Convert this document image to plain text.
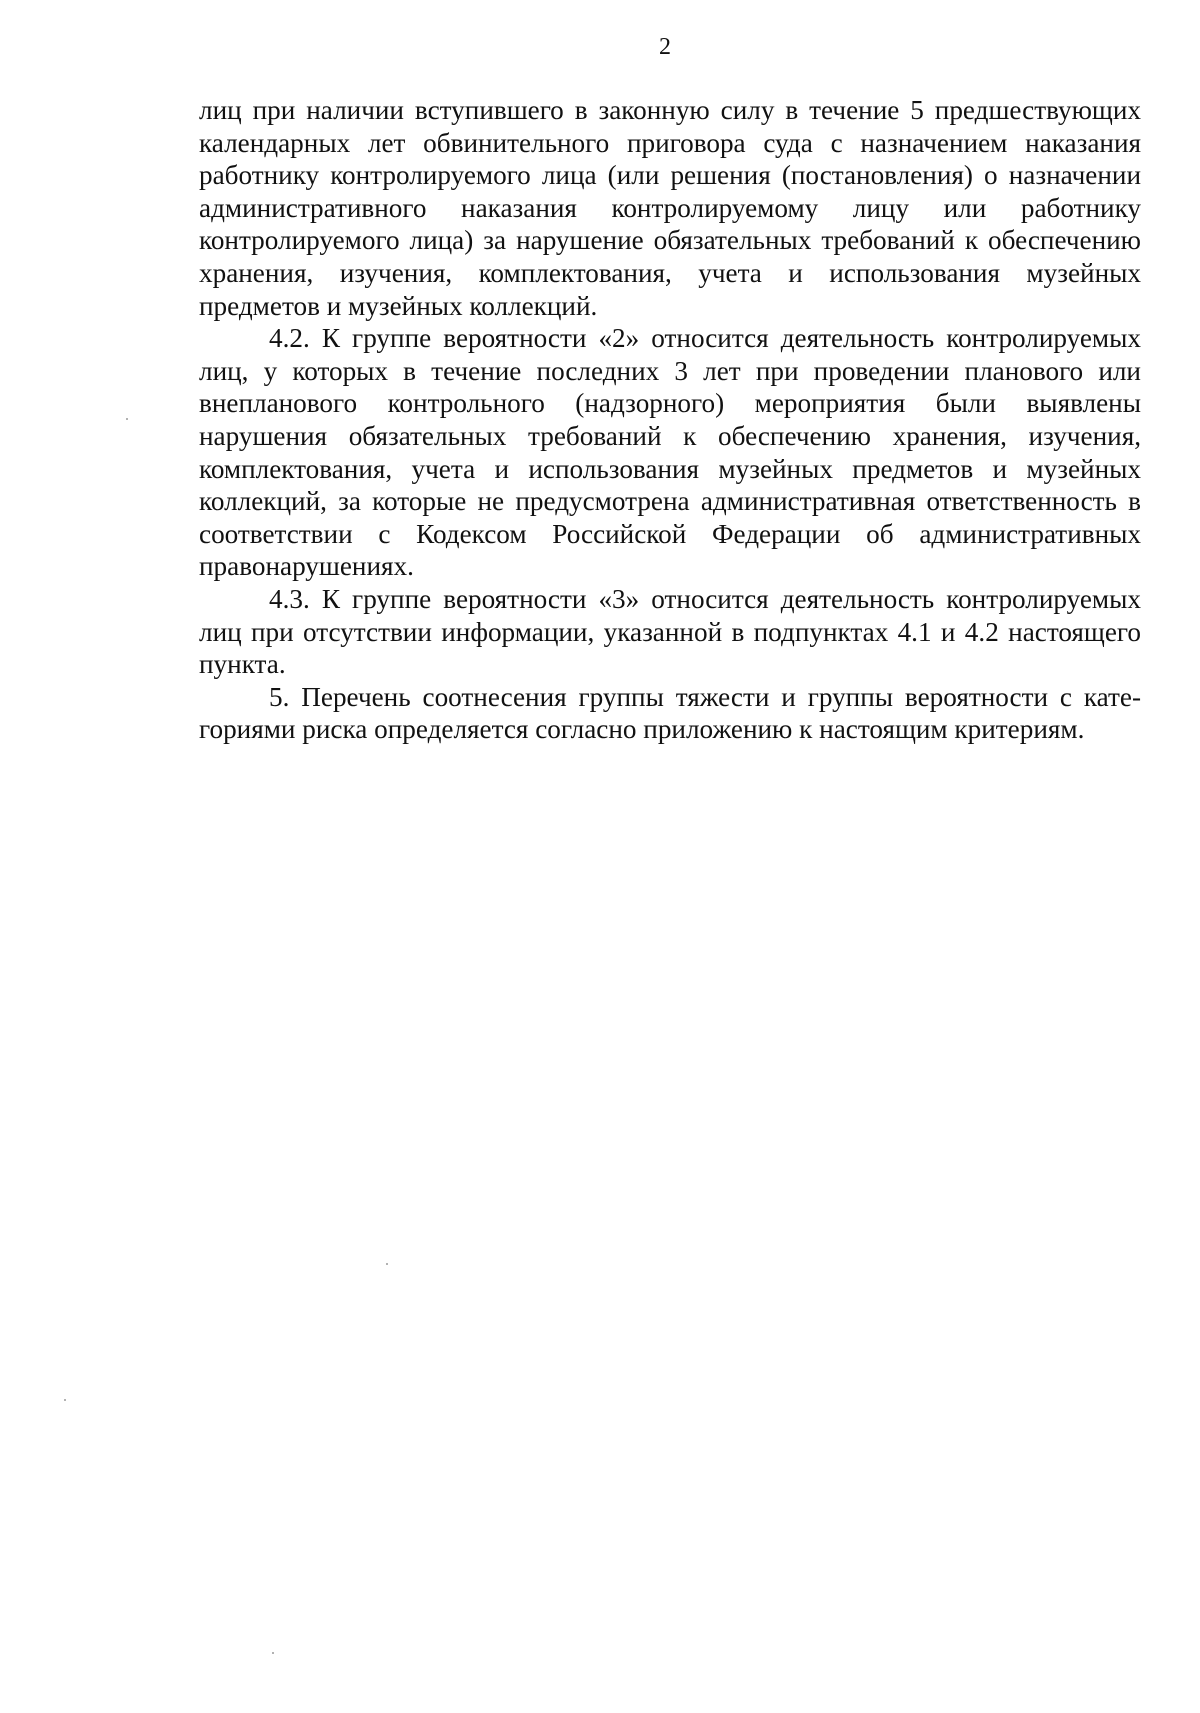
2

лиц при наличии вступившего в законную силу в течение 5 предшествующих календарных лет обвинительного приговора суда с назначением наказания работнику контролируемого лица (или решения (постановления) о назначении административного наказания контролируемому лицу или работнику контролируемого лица) за нарушение обязательных требований к обеспечению хранения, изучения, комплектования, учета и использования музейных предметов и музейных коллекций.

4.2. К группе вероятности «2» относится деятельность контролируемых лиц, у которых в течение последних 3 лет при проведении планового или внепланового контрольного (надзорного) мероприятия были выявлены нарушения обязательных требований к обеспечению хранения, изучения, комплектования, учета и использования музейных предметов и музейных коллекций, за которые не предусмотрена административная ответственность в соответствии с Кодексом Российской Федерации об административных правонарушениях.

4.3. К группе вероятности «3» относится деятельность контролируемых лиц при отсутствии информации, указанной в подпунктах 4.1 и 4.2 настоящего пункта.

5. Перечень соотнесения группы тяжести и группы вероятности с категориями риска определяется согласно приложению к настоящим критериям.
